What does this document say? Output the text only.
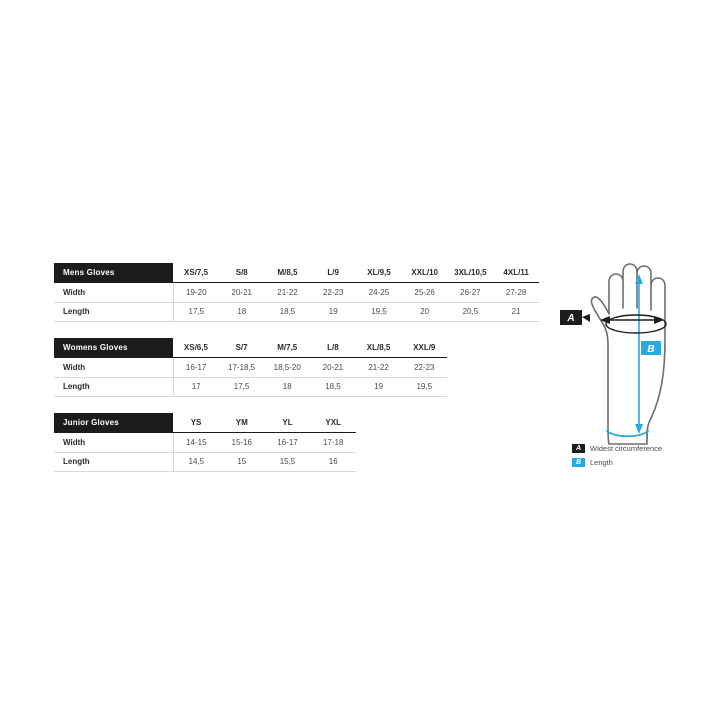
Mens Gloves	XS/7,5	S/8	M/8,5	L/9	XL/9,5	XXL/10	3XL/10,5	4XL/11
Width	19-20	20-21	21-22	22-23	24-25	25-26	26-27	27-28
Length	17,5	18	18,5	19	19,5	20	20,5	21
Womens Gloves	XS/6,5	S/7	M/7,5	L/8	XL/8,5	XXL/9		
Width	16-17	17-18,5	18,5-20	20-21	21-22	22-23		
Length	17	17,5	18	18,5	19	19,5		
Junior Gloves	YS	YM	YL	YXL				
Width	14-15	15-16	16-17	17-18				
Length	14,5	15	15,5	16				
A
B
A	Widest circumference
B	Length
